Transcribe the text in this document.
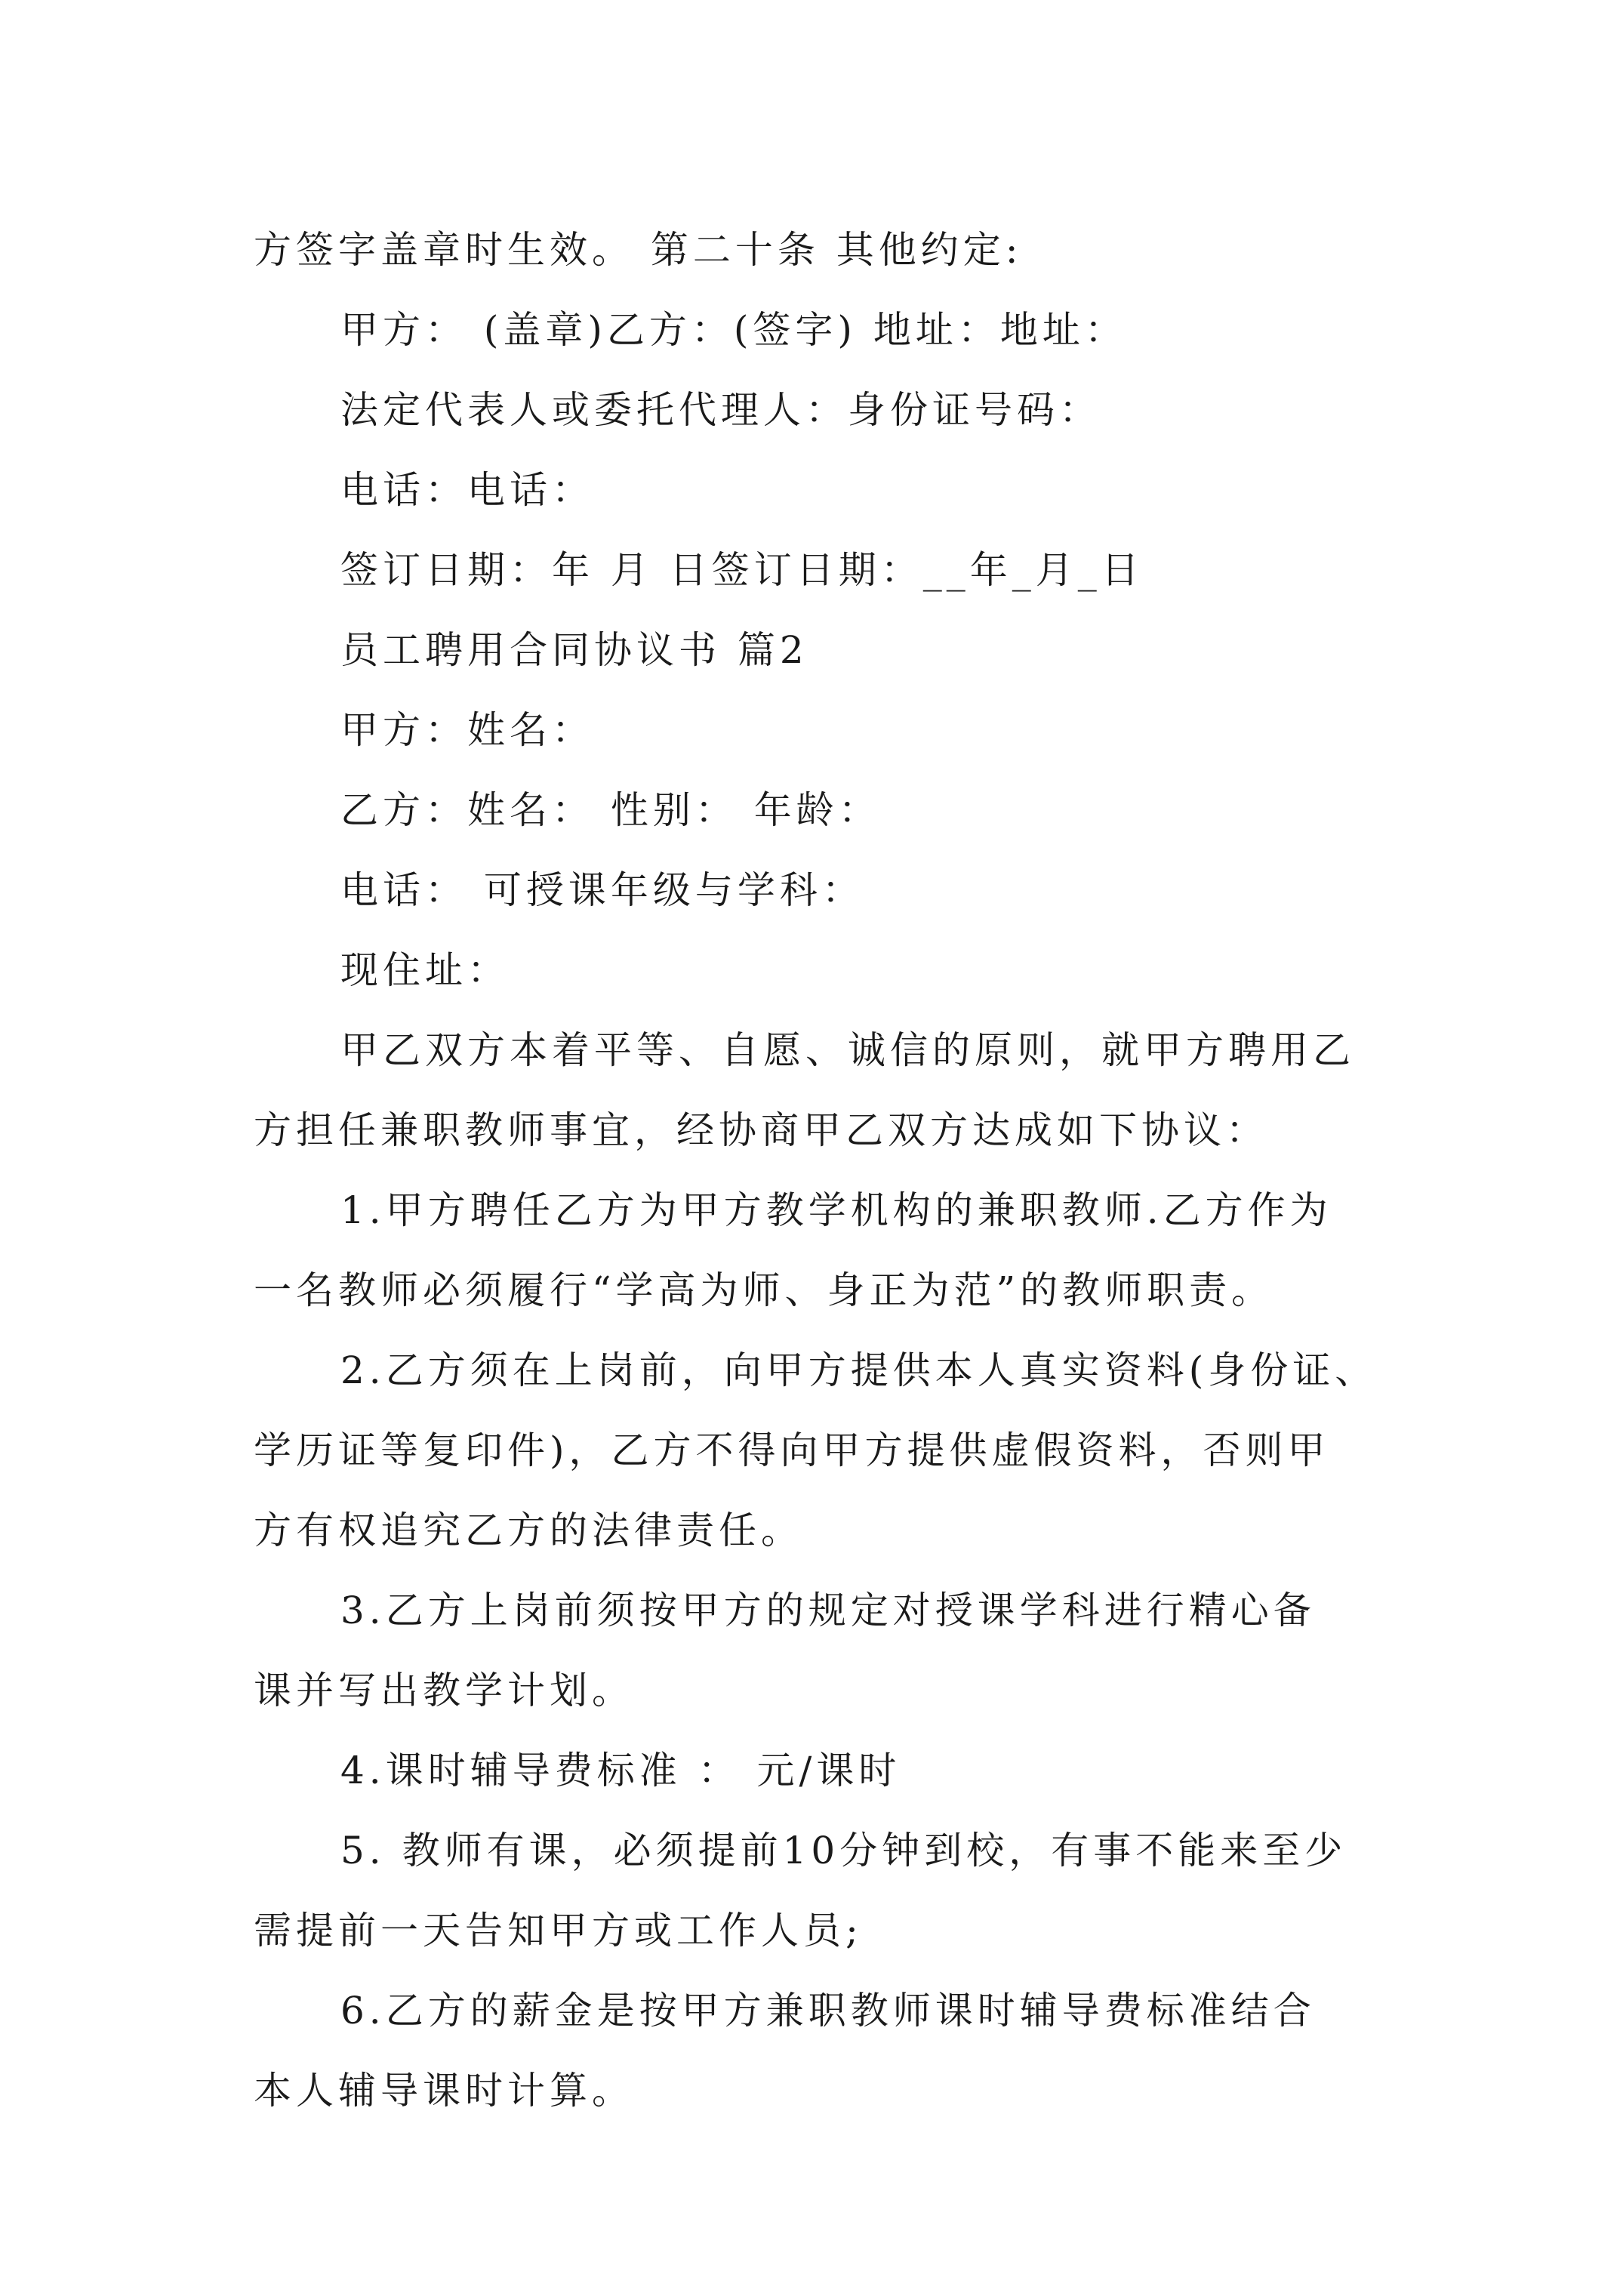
方签字盖章时生效。 第二十条 其他约定:
甲方： (盖章)乙方：(签字) 地址：地址：
法定代表人或委托代理人：身份证号码：
电话：电话：
签订日期：年 月 日签订日期：__年_月_日
员工聘用合同协议书 篇2
甲方：姓名：
乙方：姓名： 性别： 年龄：
电话： 可授课年级与学科：
现住址：
甲乙双方本着平等、自愿、诚信的原则，就甲方聘用乙
方担任兼职教师事宜，经协商甲乙双方达成如下协议：
1.甲方聘任乙方为甲方教学机构的兼职教师.乙方作为
一名教师必须履行“学高为师、身正为范”的教师职责。
2.乙方须在上岗前，向甲方提供本人真实资料(身份证、
学历证等复印件)，乙方不得向甲方提供虚假资料，否则甲
方有权追究乙方的法律责任。
3.乙方上岗前须按甲方的规定对授课学科进行精心备
课并写出教学计划。
4.课时辅导费标准 ： 元/课时
5. 教师有课，必须提前10分钟到校，有事不能来至少
需提前一天告知甲方或工作人员;
6.乙方的薪金是按甲方兼职教师课时辅导费标准结合
本人辅导课时计算。
